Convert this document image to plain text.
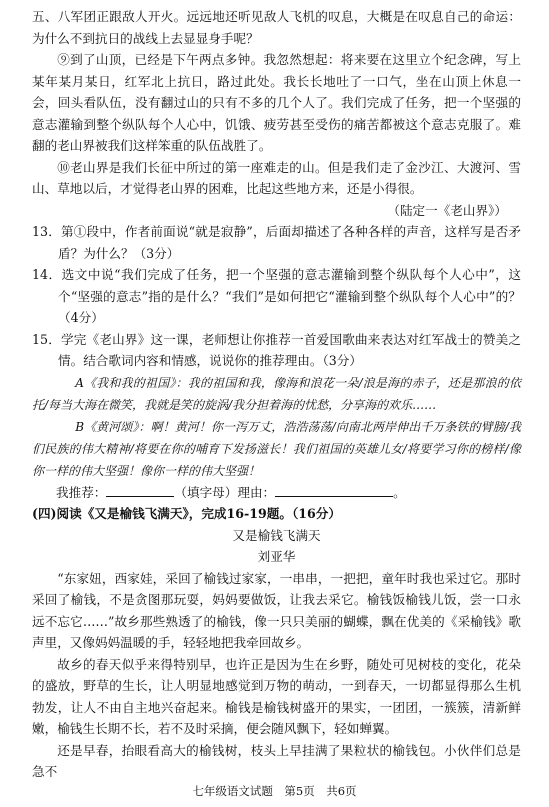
五、八军团正跟敌人开火。远远地还听见敌人飞机的叹息，大概是在叹息自己的命运：为什么不到抗日的战线上去显显身手呢？

⑨到了山顶，已经是下午两点多钟。我忽然想起：将来要在这里立个纪念碑，写上某年某月某日，红军北上抗日，路过此处。我长长地吐了一口气，坐在山顶上休息一会，回头看队伍，没有翻过山的只有不多的几个人了。我们完成了任务，把一个坚强的意志灌输到整个纵队每个人心中，饥饿、疲劳甚至受伤的痛苦都被这个意志克服了。难翻的老山界被我们这样笨重的队伍战胜了。

⑩老山界是我们长征中所过的第一座难走的山。但是我们走了金沙江、大渡河、雪山、草地以后，才觉得老山界的困难，比起这些地方来，还是小得很。

（陆定一《老山界》）

13．第①段中，作者前面说“就是寂静”，后面却描述了各种各样的声音，这样写是否矛盾？为什么？（3分）

14．选文中说“我们完成了任务，把一个坚强的意志灌输到整个纵队每个人心中”，这个“坚强的意志”指的是什么？“我们”是如何把它“灌输到整个纵队每个人心中”的？　（4分）

15．学完《老山界》这一课，老师想让你推荐一首爱国歌曲来表达对红军战士的赞美之情。结合歌词内容和情感，说说你的推荐理由。（3分）

A《我和我的祖国》：我的祖国和我，像海和浪花一朵/浪是海的赤子，还是那浪的依托/每当大海在微笑，我就是笑的旋涡/我分担着海的忧愁，分享海的欢乐……

B《黄河颂》：啊！黄河！你一泻万丈，浩浩荡荡/向南北两岸伸出千万条铁的臂膀/我们民族的伟大精神/将要在你的哺育下发扬滋长！我们祖国的英雄儿女/将要学习你的榜样/像你一样的伟大坚强！像你一样的伟大坚强！

我推荐：	（填字母）理由：	。

(四)阅读《又是榆钱飞满天》，完成16-19题。（16分）

又是榆钱飞满天

刘亚华

“东家妞，西家娃，采回了榆钱过家家，一串串，一把把，童年时我也采过它。那时采回了榆钱，不是贪图那玩耍，妈妈要做饭，让我去采它。榆钱饭榆钱儿饭，尝一口永远不忘它……”故乡那些熟透了的榆钱，像一只只美丽的蝴蝶，飘在优美的《采榆钱》歌声里，又像妈妈温暖的手，轻轻地把我牵回故乡。

故乡的春天似乎来得特别早，也许正是因为生在乡野，随处可见树枝的变化，花朵的盛放，野草的生长，让人明显地感觉到万物的萌动，一到春天，一切都显得那么生机勃发，让人不由自主地兴奋起来。榆钱是榆钱树盛开的果实，一团团，一簇簇，清新鲜嫩，榆钱生长期不长，若不及时采摘，便会随风飘下，轻如蝉翼。

还是早春，抬眼看高大的榆钱树，枝头上早挂满了果粒状的榆钱包。小伙伴们总是急不

七年级语文试题　第5页　共6页
